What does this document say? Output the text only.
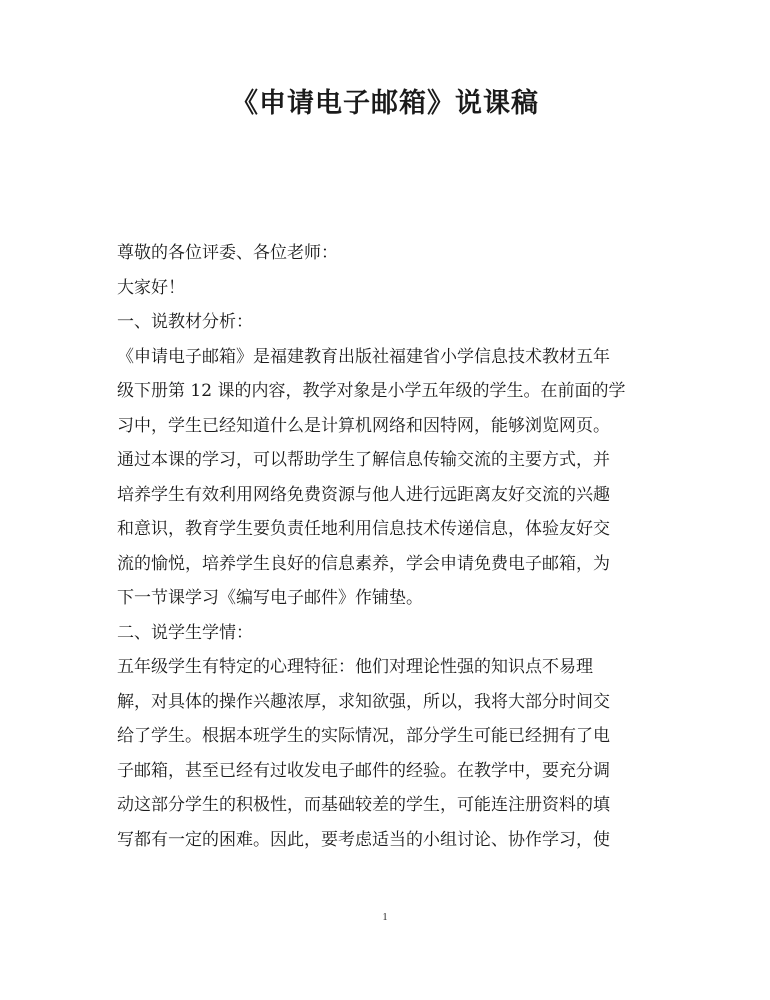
《申请电子邮箱》说课稿

尊敬的各位评委、各位老师：

大家好！

一、说教材分析：

《申请电子邮箱》是福建教育出版社福建省小学信息技术教材五年

级下册第 12 课的内容，教学对象是小学五年级的学生。在前面的学

习中，学生已经知道什么是计算机网络和因特网，能够浏览网页。

通过本课的学习，可以帮助学生了解信息传输交流的主要方式，并

培养学生有效利用网络免费资源与他人进行远距离友好交流的兴趣

和意识，教育学生要负责任地利用信息技术传递信息，体验友好交

流的愉悦，培养学生良好的信息素养，学会申请免费电子邮箱，为

下一节课学习《编写电子邮件》作铺垫。

二、说学生学情：

五年级学生有特定的心理特征：他们对理论性强的知识点不易理

解，对具体的操作兴趣浓厚，求知欲强，所以，我将大部分时间交

给了学生。根据本班学生的实际情况，部分学生可能已经拥有了电

子邮箱，甚至已经有过收发电子邮件的经验。在教学中，要充分调

动这部分学生的积极性，而基础较差的学生，可能连注册资料的填

写都有一定的困难。因此，要考虑适当的小组讨论、协作学习，使

1
